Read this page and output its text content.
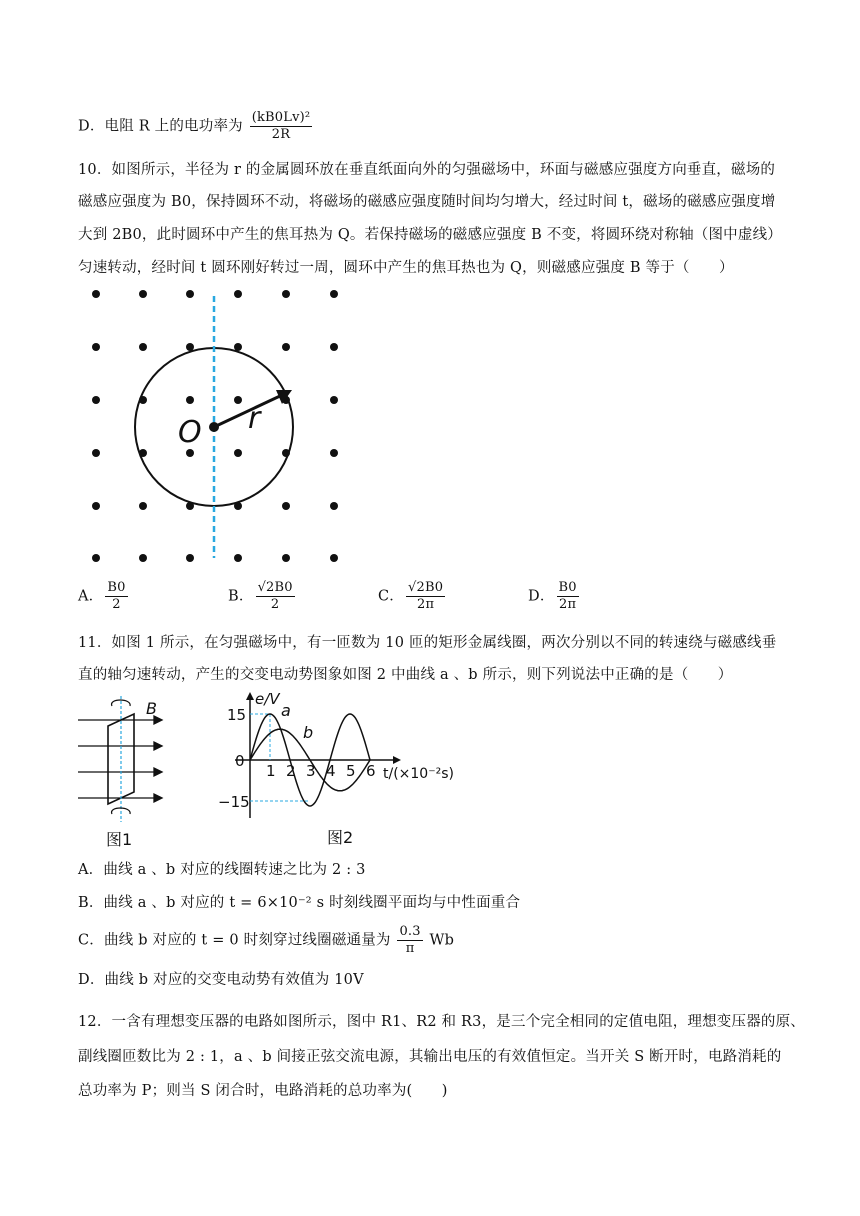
D．电阻 R 上的电功率为 $\frac{\text{(kB0Lv)²}}{2R}$
10．如图所示，半径为 r 的金属圆环放在垂直纸面向外的匀强磁场中，环面与磁感应强度方向垂直，磁场的
磁感应强度为 B0，保持圆环不动，将磁场的磁感应强度随时间均匀增大，经过时间 t，磁场的磁感应强度增
大到 2B0，此时圆环中产生的焦耳热为 Q。若保持磁场的磁感应强度 B 不变，将圆环绕对称轴（图中虚线）
匀速转动，经时间 t 圆环刚好转过一周，圆环中产生的焦耳热也为 Q，则磁感应强度 B 等于（　　）
O r
A． $\frac{B0}{2}$	B． $\frac{√2B0}{2}$	C． $\frac{√2B0}{2\pi}$	D． $\frac{B0}{2\pi}$
11．如图 1 所示，在匀强磁场中，有一匝数为 10 匝的矩形金属线圈，两次分别以不同的转速绕与磁感线垂
直的轴匀速转动，产生的交变电动势图象如图 2 中曲线 a 、b 所示，则下列说法中正确的是（　　）
B
图1
1 2 3 4 5 6
e/V
15
0
−15
a
b
t/(×10⁻²s)
图2
A．曲线 a 、b 对应的线圈转速之比为 2 : 3
B．曲线 a 、b 对应的 t = 6×10⁻² s 时刻线圈平面均与中性面重合
C．曲线 b 对应的 t = 0 时刻穿过线圈磁通量为 $\frac{0.3}{\pi}$ Wb
D．曲线 b 对应的交变电动势有效值为 10V
12．一含有理想变压器的电路如图所示，图中 R1、R2 和 R3，是三个完全相同的定值电阻，理想变压器的原、
副线圈匝数比为 2 : 1，a 、b 间接正弦交流电源，其输出电压的有效值恒定。当开关 S 断开时，电路消耗的
总功率为 P；则当 S 闭合时，电路消耗的总功率为(　　)
